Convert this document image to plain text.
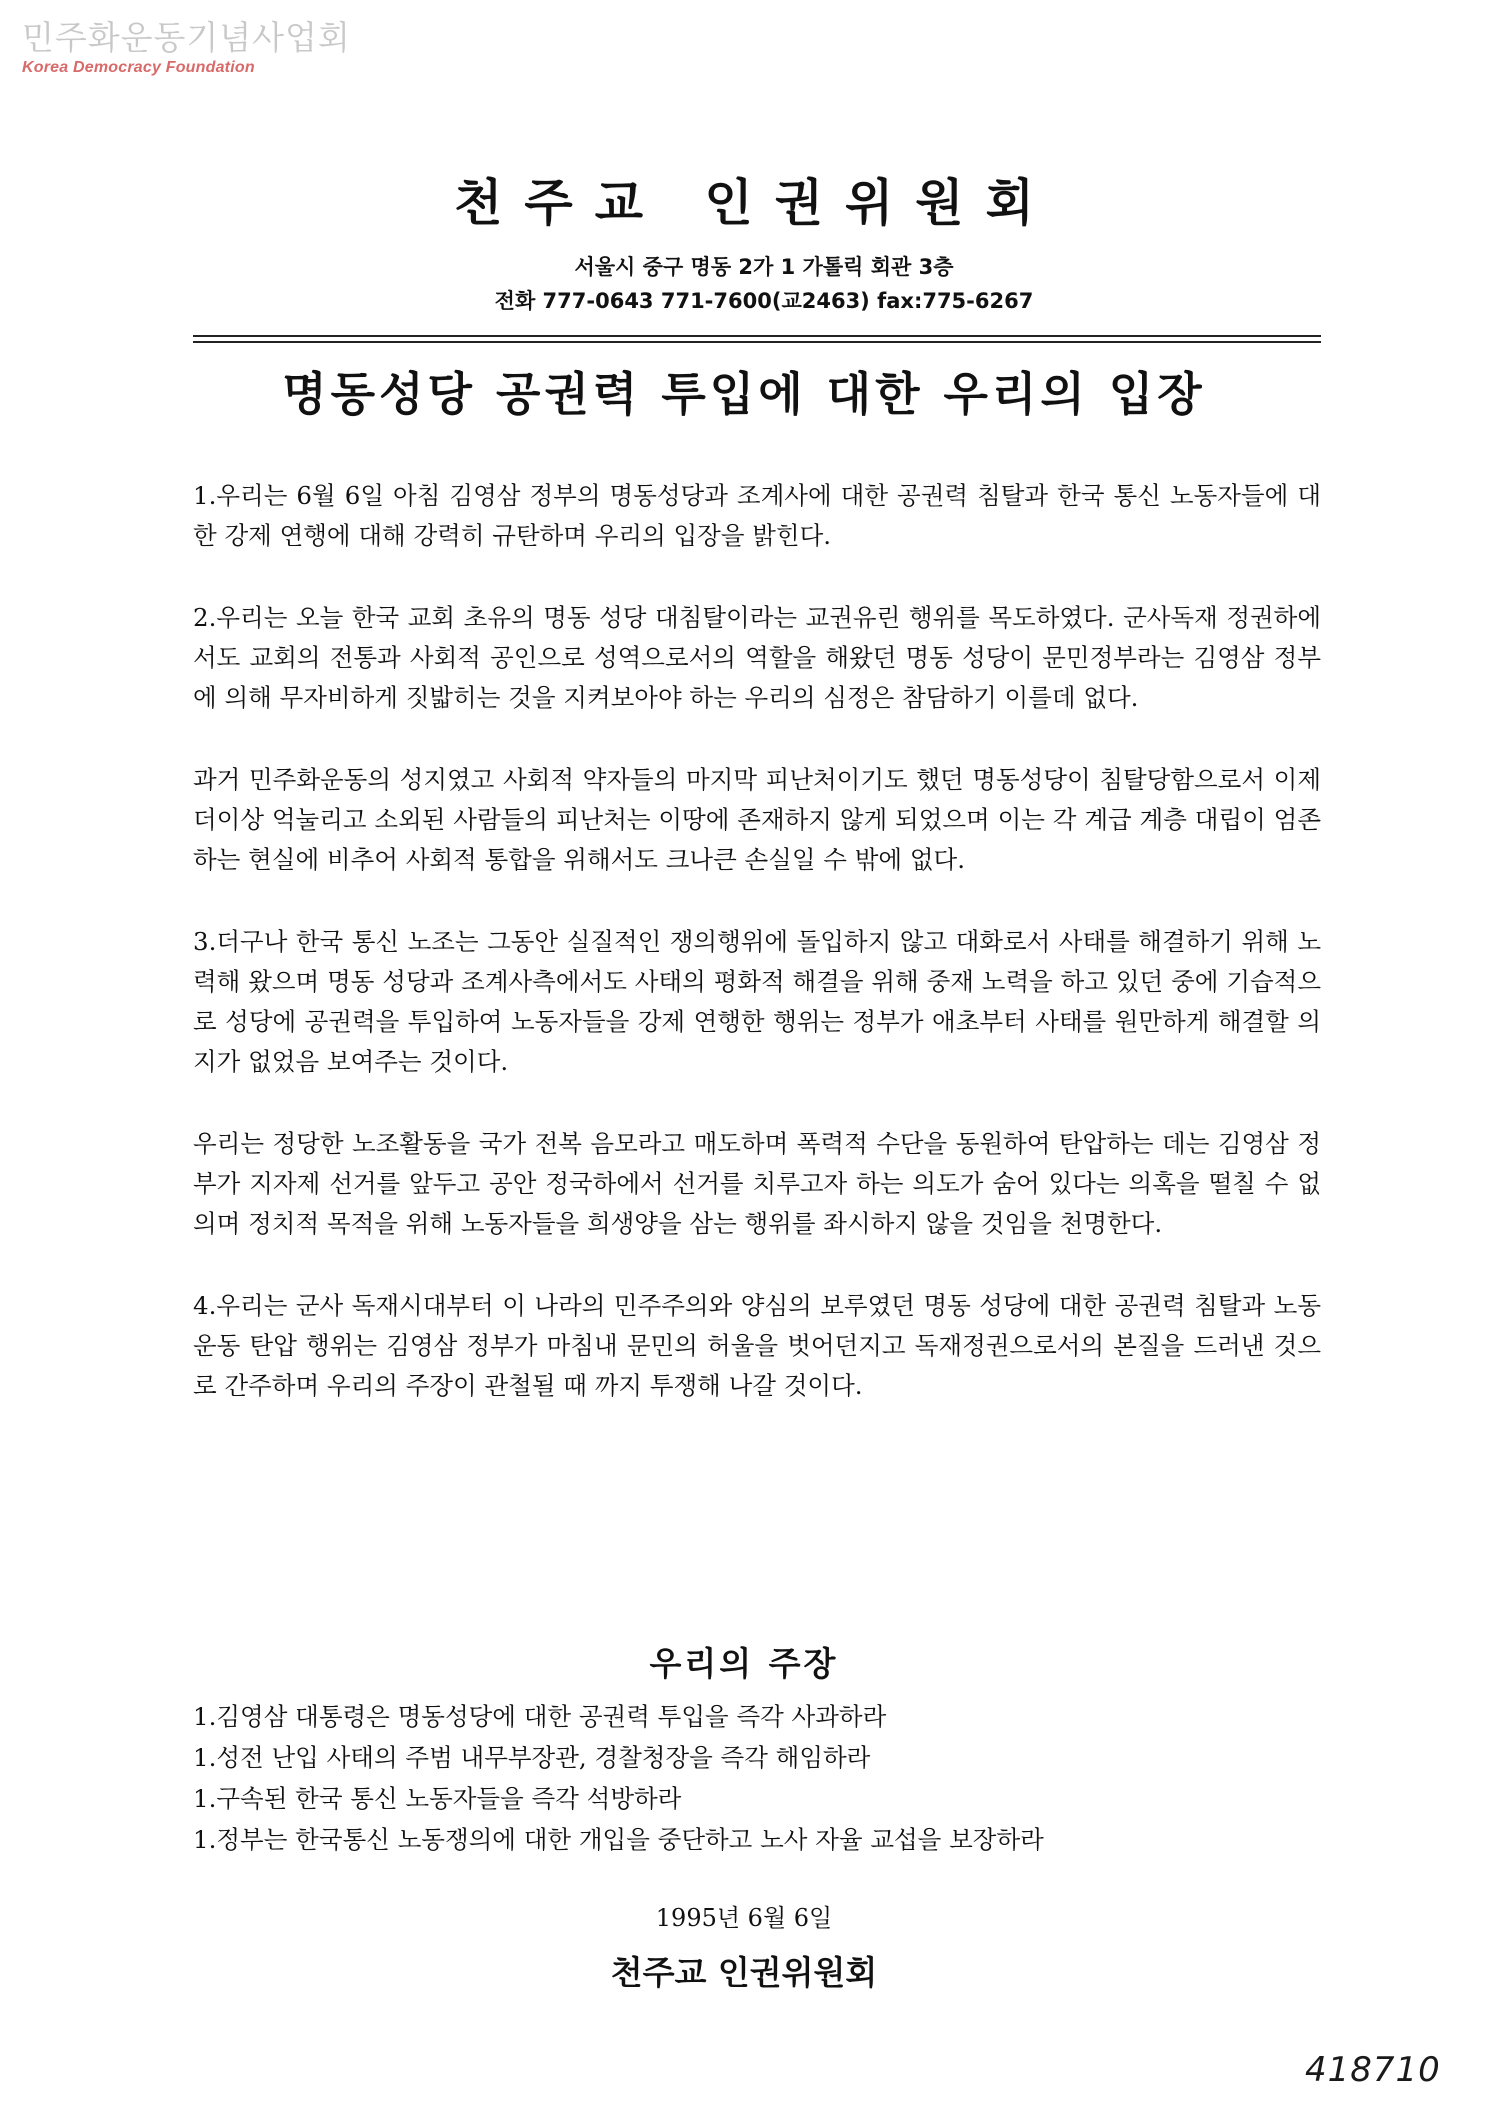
민주화운동기념사업회
Korea Democracy Foundation
천주교 인권위원회
서울시 중구 명동 2가 1 가톨릭 회관 3층
전화 777-0643 771-7600(교2463) fax:775-6267
명동성당 공권력 투입에 대한 우리의 입장

1.우리는 6월 6일 아침 김영삼 정부의 명동성당과 조계사에 대한 공권력 침탈과 한국 통신 노동자들에 대한 강제 연행에 대해 강력히 규탄하며 우리의 입장을 밝힌다.

2.우리는 오늘 한국 교회 초유의 명동 성당 대침탈이라는 교권유린 행위를 목도하였다. 군사독재 정권하에서도 교회의 전통과 사회적 공인으로 성역으로서의 역할을 해왔던 명동 성당이 문민정부라는 김영삼 정부에 의해 무자비하게 짓밟히는 것을 지켜보아야 하는 우리의 심정은 참담하기 이를데 없다.

과거 민주화운동의 성지였고 사회적 약자들의 마지막 피난처이기도 했던 명동성당이 침탈당함으로서 이제 더이상 억눌리고 소외된 사람들의 피난처는 이땅에 존재하지 않게 되었으며 이는 각 계급 계층 대립이 엄존 하는 현실에 비추어 사회적 통합을 위해서도 크나큰 손실일 수 밖에 없다.

3.더구나 한국 통신 노조는 그동안 실질적인 쟁의행위에 돌입하지 않고 대화로서 사태를 해결하기 위해 노력해 왔으며 명동 성당과 조계사측에서도 사태의 평화적 해결을 위해 중재 노력을 하고 있던 중에 기습적으로 성당에 공권력을 투입하여 노동자들을 강제 연행한 행위는 정부가 애초부터 사태를 원만하게 해결할 의지가 없었음 보여주는 것이다.

우리는 정당한 노조활동을 국가 전복 음모라고 매도하며 폭력적 수단을 동원하여 탄압하는 데는 김영삼 정부가 지자제 선거를 앞두고 공안 정국하에서 선거를 치루고자 하는 의도가 숨어 있다는 의혹을 떨칠 수 없의며 정치적 목적을 위해 노동자들을 희생양을 삼는 행위를 좌시하지 않을 것임을 천명한다.

4.우리는 군사 독재시대부터 이 나라의 민주주의와 양심의 보루였던 명동 성당에 대한 공권력 침탈과 노동운동 탄압 행위는 김영삼 정부가 마침내 문민의 허울을 벗어던지고 독재정권으로서의 본질을 드러낸 것으로 간주하며 우리의 주장이 관철될 때 까지 투쟁해 나갈 것이다.

우리의 주장
1.김영삼 대통령은 명동성당에 대한 공권력 투입을 즉각 사과하라
1.성전 난입 사태의 주범 내무부장관, 경찰청장을 즉각 해임하라
1.구속된 한국 통신 노동자들을 즉각 석방하라
1.정부는 한국통신 노동쟁의에 대한 개입을 중단하고 노사 자율 교섭을 보장하라
1995년 6월 6일
천주교 인권위원회
418710
